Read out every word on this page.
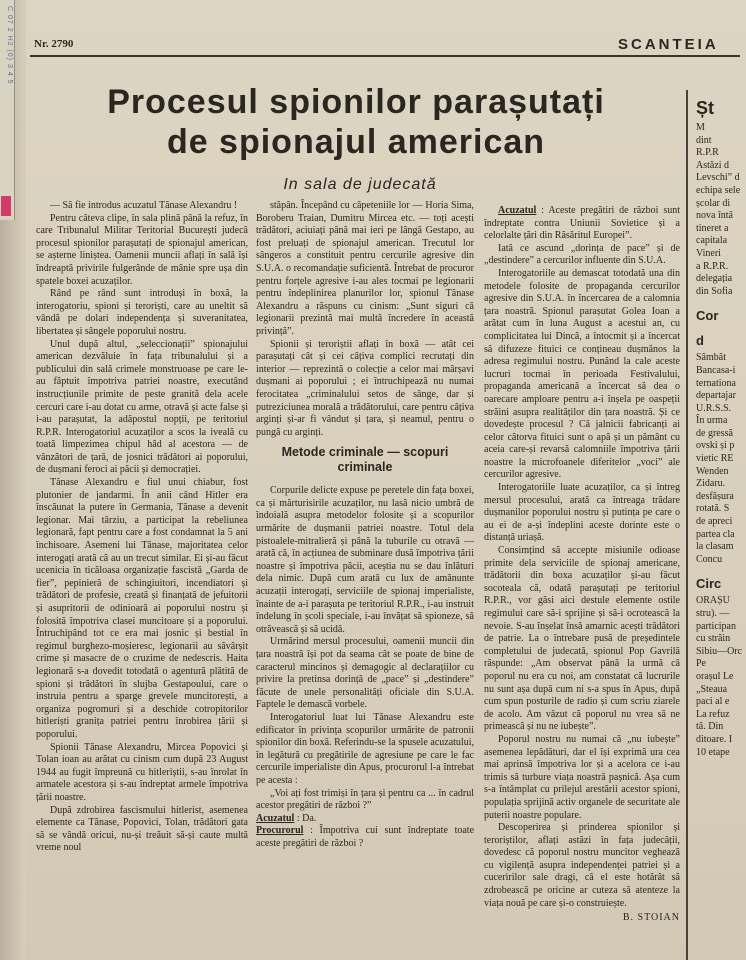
C 07 2 H2 (0) 3 4 5 Nr. 2790	SCANTEIA
Procesul spionilor parașutați
de spionajul american
In sala de judecată

— Să fie introdus acuzatul Tănase Alexandru !

Pentru câteva clipe, în sala plină până la refuz, în care Tribunalul Militar Teritorial București judecă procesul spionilor parașutați de spionajul american, se așterne liniștea. Oamenii muncii aflați în sală își îndreaptă privirile fulgerânde de mânie spre ușa din spatele boxei acuzaților.

Rând pe rând sunt introduși în boxă, la interogatoriu, spioni și teroriști, care au uneltit să vândă pe dolari independența și suveranitatea, libertatea și sângele poporului nostru.

Unul după altul, „seleccionații” spionajului american dezvăluie în fața tribunalului și a publicului din sală crimele monstruoase pe care le-au făptuit împotriva patriei noastre, executând instrucțiunile primite de peste granită dela acele cercuri care i-au dotat cu arme, otravă și acte false și i-au parașutat, la adăpostul nopții, pe teritoriul R.P.R. Interogatoriul acuzaților a scos la iveală cu toată limpezimea chipul hâd al acestora — de vânzători de țară, de josnici trădători ai poporului, de dușmani feroci ai păcii și democrației.

Tănase Alexandru e fiul unui chiabur, fost plutonier de jandarmi. În anii când Hitler era înscăunat la putere în Germania, Tănase a devenit legionar. Mai târziu, a participat la rebeliunea legionară, fapt pentru care a fost condamnat la 5 ani închisoare. Asemeni lui Tănase, majoritatea celor interogați arată că au un trecut similar. Ei și-au făcut ucenicia în ticăloasa organizație fascistă „Garda de fier”, pepinieră de schingiuitori, incendiatori și trădători de profesie, creată și finanțată de jefuitorii și asupritorii de odinioară ai poporului nostru și folosită împotriva clasei muncitoare și a poporului. Întruchipând tot ce era mai josnic și bestial în regimul burghezo-moșieresc, legionarii au săvârșit crime și masacre de o cruzime de nedescris. Haita legionară s-a dovedit totodată o agentură plătită de spioni și trădători în slujba Gestapoului, care o instruia pentru a sparge grevele muncitorești, a organiza pogromuri și a deschide cotropitorilor hitleriști granița patriei pentru înrobirea țării și poporului.

Spionii Tănase Alexandru, Mircea Popovici și Tolan ioan au arătat cu cinism cum după 23 August 1944 au fugit împreună cu hitleriștii, s-au înrolat în armatele acestora și s-au îndreptat armele împotriva țării noastre.

După zdrobirea fascismului hitlerist, asemenea elemente ca Tănase, Popovici, Tolan, trădători gata să se vândă oricui, nu-și treăuit să-și caute multă vreme noul

stăpân. Începând cu căpeteniile lor — Horia Sima, Boroberu Traian, Dumitru Mircea etc. — toți acești trădători, aciuiați până mai ieri pe lângă Gestapo, au fost preluați de spionajul american. Trecutul lor sângeros a constituit pentru cercurile agresive din S.U.A. o recomandație suficientă. Întrebat de procuror pentru forțele agresive i-au ales tocmai pe legionarii pentru îndeplinirea planurilor lor, spionul Tănase Alexandru a răspuns cu cinism: „Sunt siguri că legionarii prezintă mai multă încredere în această privință”.

Spionii și teroriștii aflați în boxă — atât cei parașutați cât și cei câțiva complici recrutați din interior — reprezintă o colecție a celor mai mârșavi dușmani ai poporului ; ei întruchipează nu numai ferocitatea „criminalului setos de sânge, dar și putreziciunea morală a trădătorului, care pentru câțiva arginți și-ar fi vândut și țara, și neamul, pentru o pungă cu arginți.

Metode criminale — scopuri criminale

Corpurile delicte expuse pe peretele din fața boxei, ca și mărturisirile acuzaților, nu lasă nicio umbră de îndoială asupra metodelor folosite și a scopurilor urmărite de dușmanii patriei noastre. Totul dela pistoalele-mitralieră și până la tuburile cu otravă — arată că, în acțiunea de subminare dusă împotriva țării noastre și împotriva păcii, aceștia nu se dau înlături dela nimic. După cum arată cu lux de amănunte acuzații interogați, serviciile de spionaj imperialiste, înainte de a-i parașuta pe teritoriul R.P.R., i-au instruit îndelung în școli speciale, i-au învățat să spioneze, să otrăvească și să ucidă.

Urmărind mersul procesului, oamenii muncii din țara noastră își pot da seama cât se poate de bine de caracterul mincinos și demagogic al declarațiilor cu privire la pretinsa dorință de „pace” și „destindere” făcute de unele personalități oficiale din S.U.A. Faptele le demască vorbele.

Interogatoriul luat lui Tănase Alexandru este edificator în privința scopurilor urmărite de patronii spionilor din boxă. Referindu-se la spusele acuzatului, în legătură cu pregătirile de agresiune pe care le fac cercurile imperialiste din Apus, procurorul l-a întrebat pe acesta :

„Voi ați fost trimiși în țara și pentru ca ... în cadrul acestor pregătiri de război ?”

Acuzatul : Da.

Procurorul : Împotriva cui sunt îndreptate toate aceste pregătiri de război ?

Acuzatul : Aceste pregătiri de război sunt îndreptate contra Uniunii Sovietice și a celorlalte țări din Răsăritul Europei”.

Iată ce ascund „dorința de pace” și de „destindere” a cercurilor influente din S.U.A.

Interogatoriile au demascat totodată una din metodele folosite de propaganda cercurilor agresive din S.U.A. în încercarea de a calomnia țara noastră. Spionul parașutat Golea Ioan a arătat cum în luna August a acestui an, cu complicitatea lui Dincă, a întocmit și a încercat să difuzeze fituici ce conțineau dușmănos la adresa regimului nostru. Punând la cale aceste lucruri tocmai în perioada Festivalului, propaganda americană a încercat să dea o oarecare amploare pentru a-i înșela pe oaspeții străini asupra realităților din țara noastră. Și ce dovedește procesul ? Că jalnicii fabricanți ai celor câtorva fituici sunt o apă și un pământ cu aceia care-și revarsă calomniile împotriva țării noastre la microfoanele diferitelor „voci” ale cercurilor agresive.

Interogatoriile luate acuzaților, ca și întreg mersul procesului, arată ca întreaga trădare dușmanilor poporului nostru și putința pe care o au ei de a-și îndeplini aceste dorinte este o distanță uriașă.

Consimțind să accepte misiunile odioase primite dela serviciile de spionaj americane, trădătorii din boxa acuzaților și-au făcut socoteala că, odată parașutați pe teritoriul R.P.R., vor găsi aici destule elemente ostile regimului care să-i sprijine și să-i ocrotească la nevoie. S-au înșelat însă amarnic acești trădători de patrie. La o întrebare pusă de președintele completului de judecată, spionul Pop Gavrilă răspunde: „Am observat până la urmă că poporul nu era cu noi, am constatat că lucrurile nu sunt așa după cum ni s-a spus în Apus, după cum spun posturile de radio și cum scriu ziarele de acolo. Am văzut că poporul nu vrea să ne primească și nu ne iubește”.

Poporul nostru nu numai că „nu iubește” asemenea lepădături, dar el își exprimă ura cea mai aprinsă împotriva lor și a acelora ce i-au trimis să turbure viața noastră pașnică. Așa cum s-a întâmplat cu prilejul arestării acestor spioni, populația sprijină activ organele de securitate ale puterii noastre populare.

Descoperirea și prinderea spionilor și teroriștilor, aflați astăzi în fața judecății, dovedesc că poporul nostru muncitor veghează cu vigilență asupra independenței patriei și a cuceririlor sale dragi, că el este hotărât să zdrobească pe oricine ar cuteza să atenteze la viața nouă pe care și-o construiește.

B. STOIAN
Șt
M
dint
R.P.R
Astăzi d
Levschi” d
echipa sele
școlar di
nova întâ
tineret a
capitala
Vineri
a R.P.R.
delegația
din Sofia
Cor
d
Sâmbăt
Bancasa-i
ternationa
departajar
U.R.S.S.
În urma
de gressă
ovski și p
vietic RE
Wenden
Zidaru.
desfășura
rotată. S
de apreci
partea cla
la clasam
Concu
Circ
ORAȘU
stru). —
participan
cu străin
Sibiu—Orc
Pe
orașul Le
„Steaua
paci al e
La refuz
tă. Din
ditoare. I
10 etape
